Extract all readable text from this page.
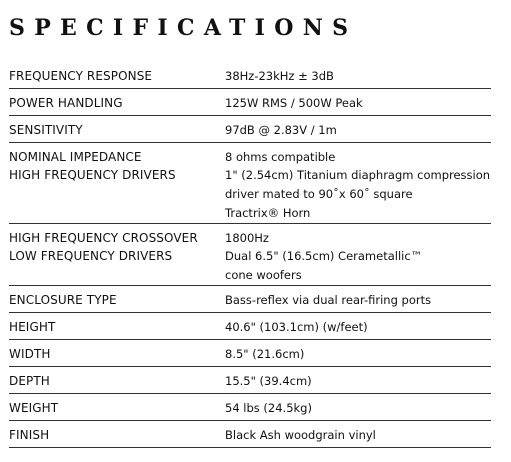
SPECIFICATIONS
FREQUENCY RESPONSE	38Hz-23kHz ± 3dB
POWER HANDLING	125W RMS / 500W Peak
SENSITIVITY	97dB @ 2.83V / 1m
NOMINAL IMPEDANCE	8 ohms compatible
HIGH FREQUENCY DRIVERS	1" (2.54cm) Titanium diaphragm compression
driver mated to 90˚x 60˚ square
Tractrix® Horn
HIGH FREQUENCY CROSSOVER	1800Hz
LOW FREQUENCY DRIVERS	Dual 6.5" (16.5cm) Cerametallic™
cone woofers
ENCLOSURE TYPE	Bass-reflex via dual rear-firing ports
HEIGHT	40.6" (103.1cm) (w/feet)
WIDTH	8.5" (21.6cm)
DEPTH	15.5" (39.4cm)
WEIGHT	54 lbs (24.5kg)
FINISH	Black Ash woodgrain vinyl
